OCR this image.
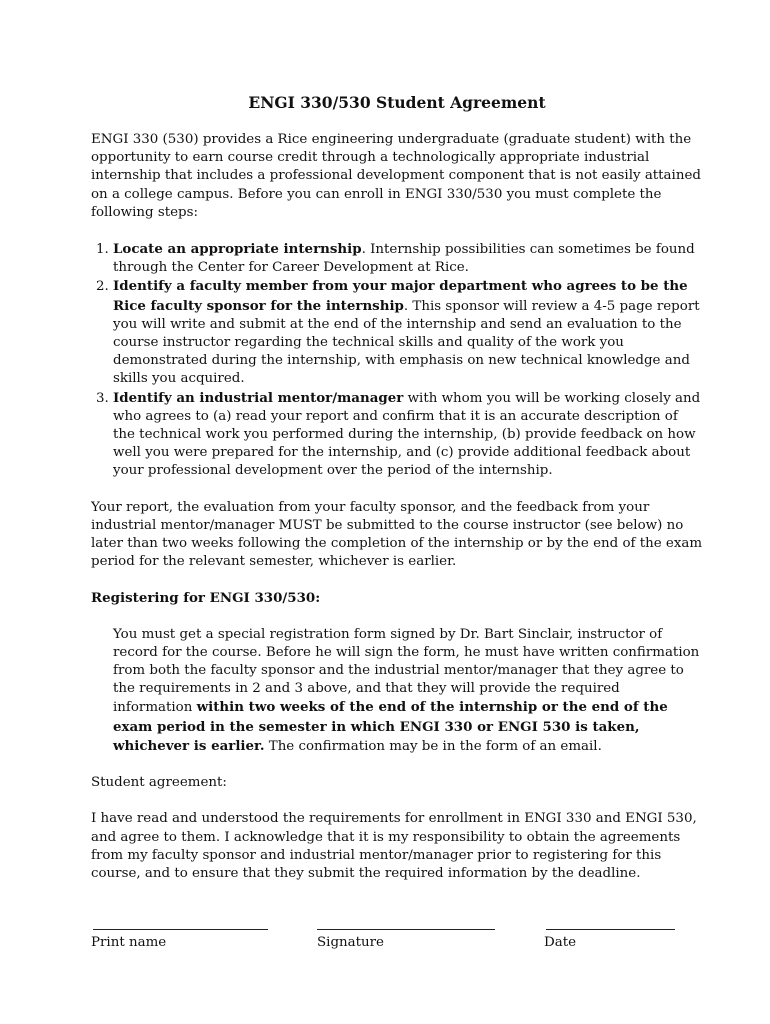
ENGI 330/530 Student Agreement

ENGI 330 (530) provides a Rice engineering undergraduate (graduate student) with the opportunity to earn course credit through a technologically appropriate industrial internship that includes a professional development component that is not easily attained on a college campus. Before you can enroll in ENGI 330/530 you must complete the following steps:

1. Locate an appropriate internship. Internship possibilities can sometimes be found through the Center for Career Development at Rice.
2. Identify a faculty member from your major department who agrees to be the Rice faculty sponsor for the internship. This sponsor will review a 4-5 page report you will write and submit at the end of the internship and send an evaluation to the course instructor regarding the technical skills and quality of the work you demonstrated during the internship, with emphasis on new technical knowledge and skills you acquired.
3. Identify an industrial mentor/manager with whom you will be working closely and who agrees to (a) read your report and confirm that it is an accurate description of the technical work you performed during the internship, (b) provide feedback on how well you were prepared for the internship, and (c) provide additional feedback about your professional development over the period of the internship.

Your report, the evaluation from your faculty sponsor, and the feedback from your industrial mentor/manager MUST be submitted to the course instructor (see below) no later than two weeks following the completion of the internship or by the end of the exam period for the relevant semester, whichever is earlier.

Registering for ENGI 330/530:

You must get a special registration form signed by Dr. Bart Sinclair, instructor of record for the course. Before he will sign the form, he must have written confirmation from both the faculty sponsor and the industrial mentor/manager that they agree to the requirements in 2 and 3 above, and that they will provide the required information within two weeks of the end of the internship or the end of the exam period in the semester in which ENGI 330 or ENGI 530 is taken, whichever is earlier. The confirmation may be in the form of an email.

Student agreement:

I have read and understood the requirements for enrollment in ENGI 330 and ENGI 530, and agree to them. I acknowledge that it is my responsibility to obtain the agreements from my faculty sponsor and industrial mentor/manager prior to registering for this course, and to ensure that they submit the required information by the deadline.

Print name	Signature	Date
